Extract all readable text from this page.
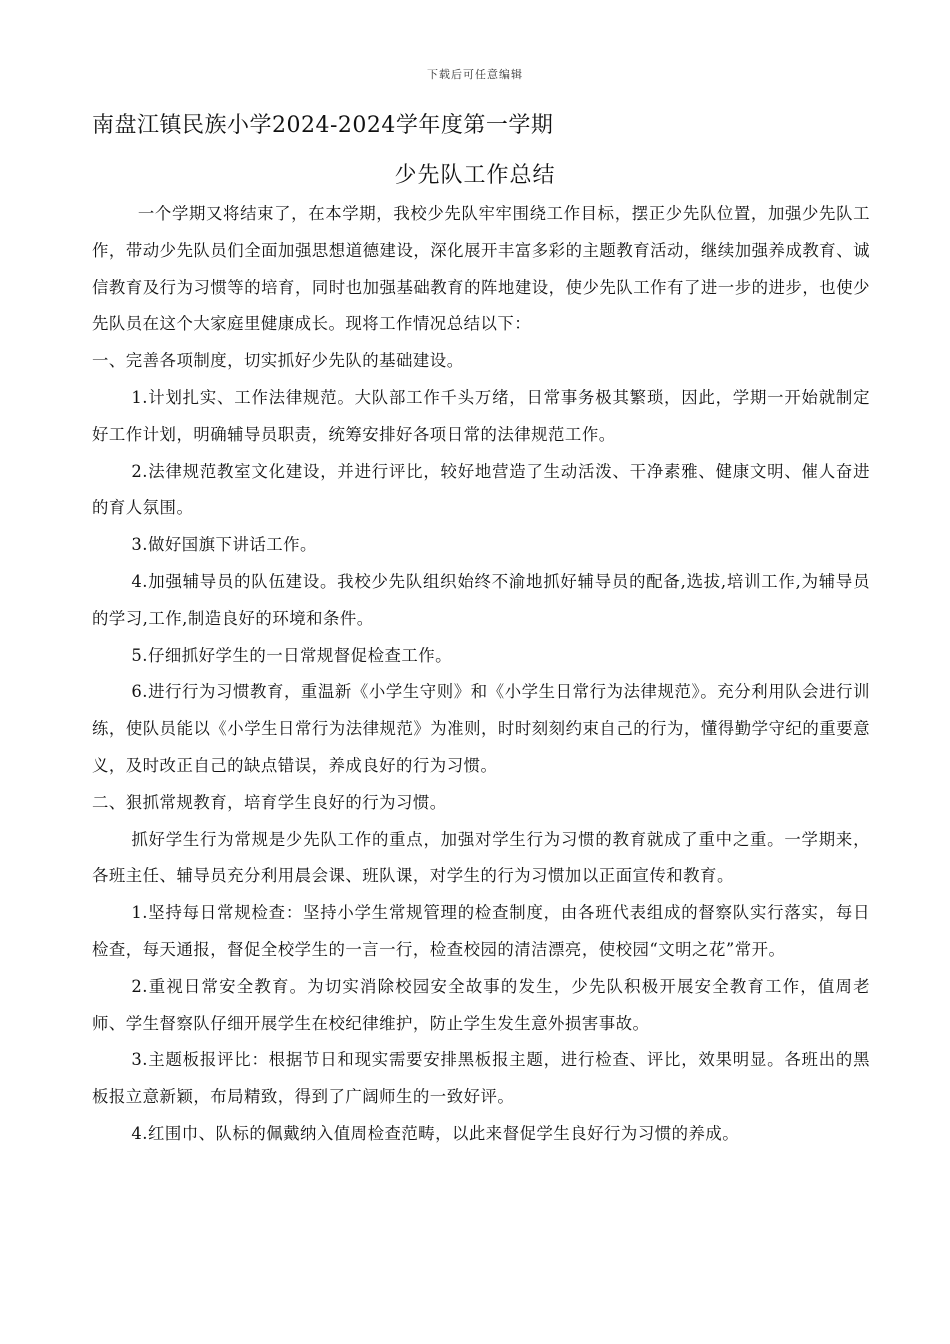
下载后可任意编辑
南盘江镇民族小学2024-2024学年度第一学期
少先队工作总结

一个学期又将结束了，在本学期，我校少先队牢牢围绕工作目标，摆正少先队位置，加强少先队工作，带动少先队员们全面加强思想道德建设，深化展开丰富多彩的主题教育活动，继续加强养成教育、诚信教育及行为习惯等的培育，同时也加强基础教育的阵地建设，使少先队工作有了进一步的进步，也使少先队员在这个大家庭里健康成长。现将工作情况总结以下：

一、完善各项制度，切实抓好少先队的基础建设。

1.计划扎实、工作法律规范。大队部工作千头万绪，日常事务极其繁琐，因此，学期一开始就制定好工作计划，明确辅导员职责，统筹安排好各项日常的法律规范工作。

2.法律规范教室文化建设，并进行评比，较好地营造了生动活泼、干净素雅、健康文明、催人奋进的育人氛围。

3.做好国旗下讲话工作。

4.加强辅导员的队伍建设。我校少先队组织始终不渝地抓好辅导员的配备,选拔,培训工作,为辅导员的学习,工作,制造良好的环境和条件。

5.仔细抓好学生的一日常规督促检查工作。

6.进行行为习惯教育，重温新《小学生守则》和《小学生日常行为法律规范》。充分利用队会进行训练，使队员能以《小学生日常行为法律规范》为准则，时时刻刻约束自己的行为，懂得勤学守纪的重要意义，及时改正自己的缺点错误，养成良好的行为习惯。

二、狠抓常规教育，培育学生良好的行为习惯。

抓好学生行为常规是少先队工作的重点，加强对学生行为习惯的教育就成了重中之重。一学期来，各班主任、辅导员充分利用晨会课、班队课，对学生的行为习惯加以正面宣传和教育。

1.坚持每日常规检查：坚持小学生常规管理的检查制度，由各班代表组成的督察队实行落实，每日检查，每天通报，督促全校学生的一言一行，检查校园的清洁漂亮，使校园“文明之花”常开。

2.重视日常安全教育。为切实消除校园安全故事的发生，少先队积极开展安全教育工作，值周老师、学生督察队仔细开展学生在校纪律维护，防止学生发生意外损害事故。

3.主题板报评比：根据节日和现实需要安排黑板报主题，进行检查、评比，效果明显。各班出的黑板报立意新颖，布局精致，得到了广阔师生的一致好评。

4.红围巾、队标的佩戴纳入值周检查范畴，以此来督促学生良好行为习惯的养成。
